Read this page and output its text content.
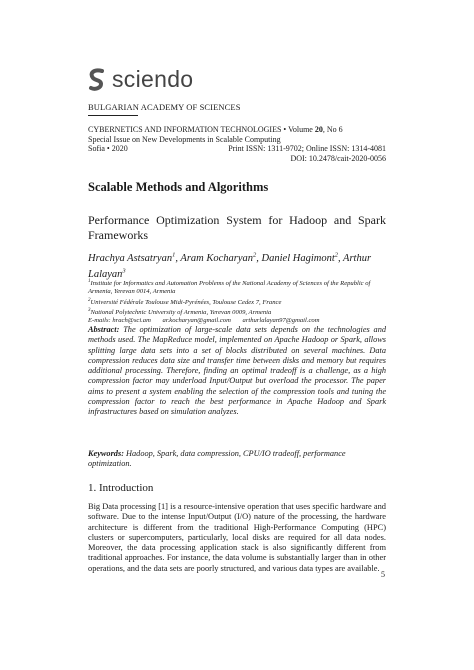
sciendo
BULGARIAN ACADEMY OF SCIENCES
CYBERNETICS AND INFORMATION TECHNOLOGIES • Volume 20, No 6
Special Issue on New Developments in Scalable Computing
Sofia • 2020	Print ISSN: 1311-9702; Online ISSN: 1314-4081
DOI: 10.2478/cait-2020-0056
Scalable Methods and Algorithms
Performance Optimization System for Hadoop and Spark Frameworks
Hrachya Astsatryan$^1$, Aram Kocharyan$^2$, Daniel Hagimont$^2$, Arthur Lalayan$^3$
$^1$Institute for Informatics and Automation Problems of the National Academy of Sciences of the Republic of Armenia, Yerevan 0014, Armenia
$^2$Université Fédérale Toulouse Midi-Pyrénées, Toulouse Cedex 7, France
$^3$National Polytechnic University of Armenia, Yerevan 0009, Armenia
E-mails: hrach@sci.am ar.kocharyan@gmail.com arthurlalayan97@gmail.com
Abstract: The optimization of large-scale data sets depends on the technologies and methods used. The MapReduce model, implemented on Apache Hadoop or Spark, allows splitting large data sets into a set of blocks distributed on several machines. Data compression reduces data size and transfer time between disks and memory but requires additional processing. Therefore, finding an optimal tradeoff is a challenge, as a high compression factor may underload Input/Output but overload the processor. The paper aims to present a system enabling the selection of the compression tools and tuning the compression factor to reach the best performance in Apache Hadoop and Spark infrastructures based on simulation analyzes.
Keywords: Hadoop, Spark, data compression, CPU/IO tradeoff, performance optimization.
1. Introduction
Big Data processing [1] is a resource-intensive operation that uses specific hardware and software. Due to the intense Input/Output (I/O) nature of the processing, the hardware architecture is different from the traditional High-Performance Computing (HPC) clusters or supercomputers, particularly, local disks are required for all data nodes. Moreover, the data processing application stack is also significantly different from traditional approaches. For instance, the data volume is substantially larger than in other operations, and the data sets are poorly structured, and various data types are available.
5
